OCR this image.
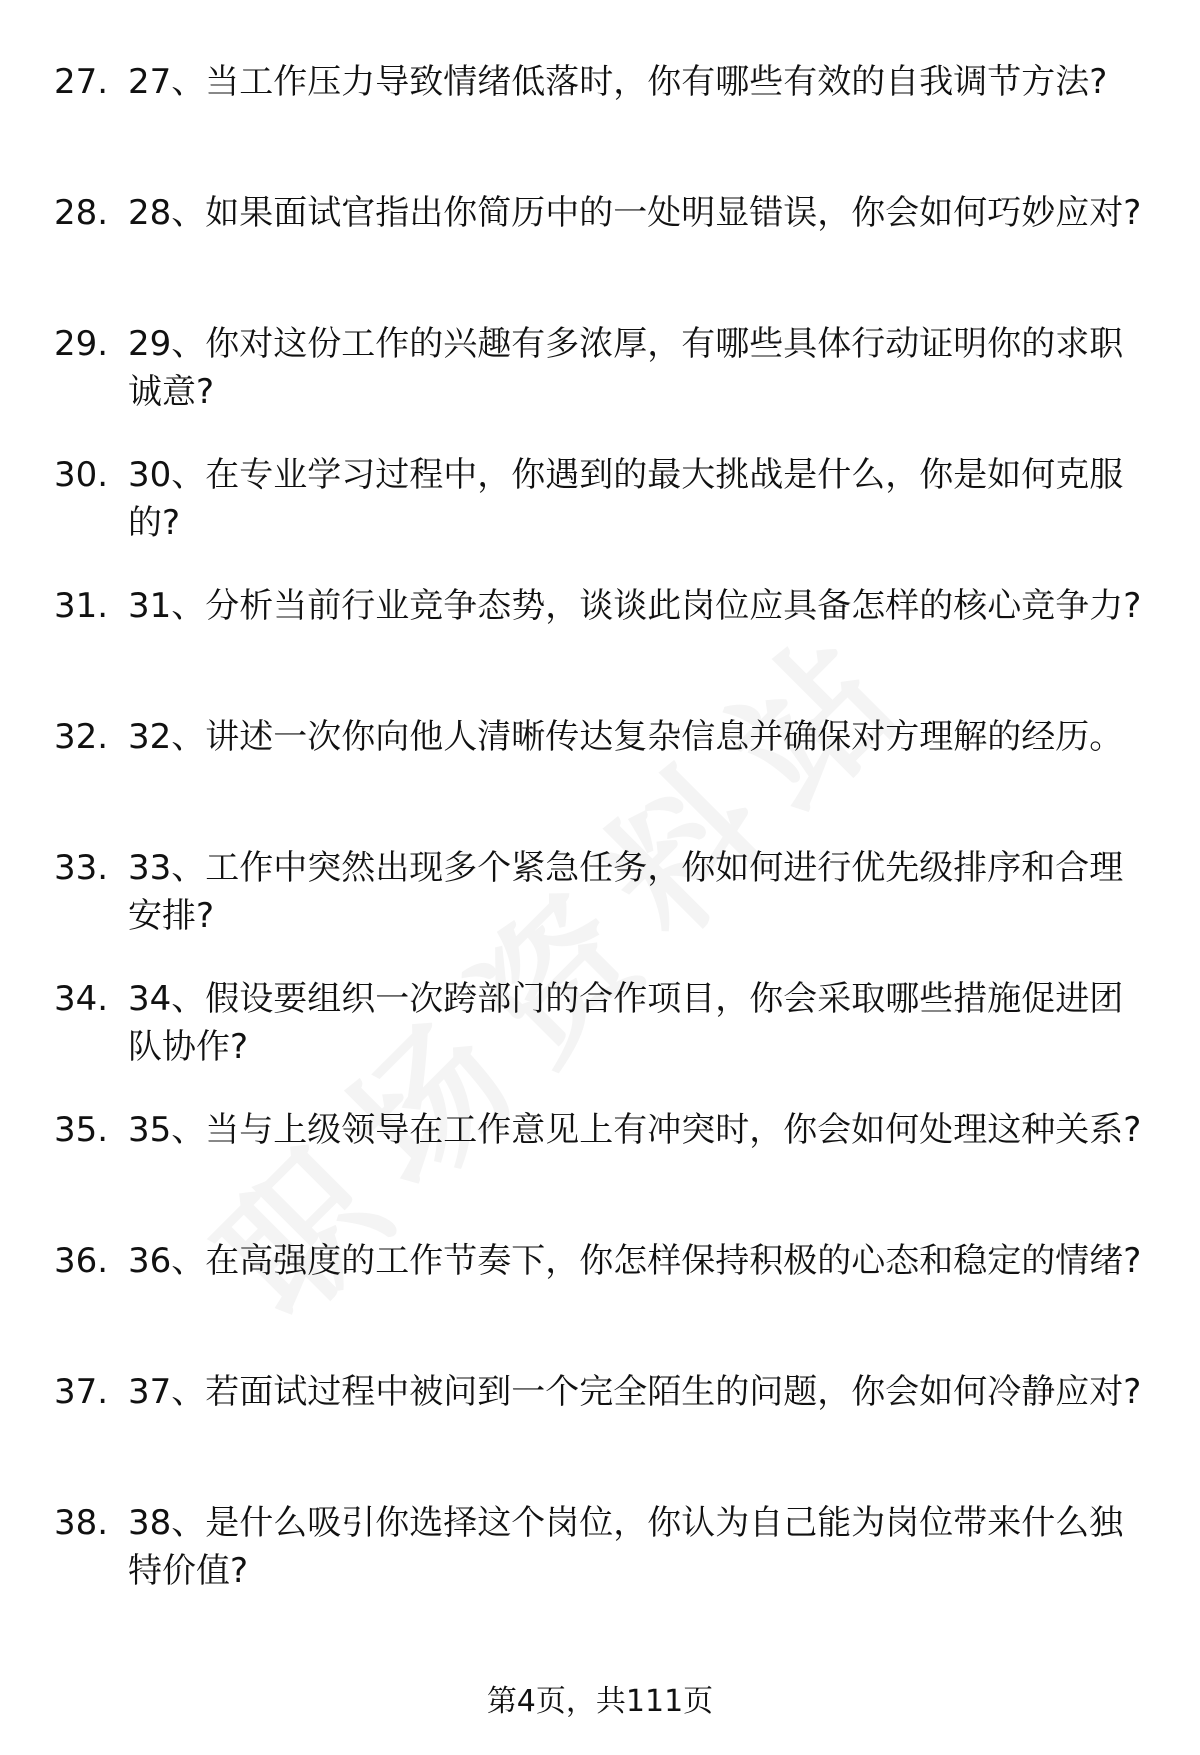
27. 27、当工作压力导致情绪低落时，你有哪些有效的自我调节方法?
28. 28、如果面试官指出你简历中的一处明显错误，你会如何巧妙应对?
29. 29、你对这份工作的兴趣有多浓厚，有哪些具体行动证明你的求职诚意?
30. 30、在专业学习过程中，你遇到的最大挑战是什么，你是如何克服的?
31. 31、分析当前行业竞争态势，谈谈此岗位应具备怎样的核心竞争力?
32. 32、讲述一次你向他人清晰传达复杂信息并确保对方理解的经历。
33. 33、工作中突然出现多个紧急任务，你如何进行优先级排序和合理安排?
34. 34、假设要组织一次跨部门的合作项目，你会采取哪些措施促进团队协作?
35. 35、当与上级领导在工作意见上有冲突时，你会如何处理这种关系?
36. 36、在高强度的工作节奏下，你怎样保持积极的心态和稳定的情绪?
37. 37、若面试过程中被问到一个完全陌生的问题，你会如何冷静应对?
38. 38、是什么吸引你选择这个岗位，你认为自己能为岗位带来什么独特价值?
第4页，共111页
